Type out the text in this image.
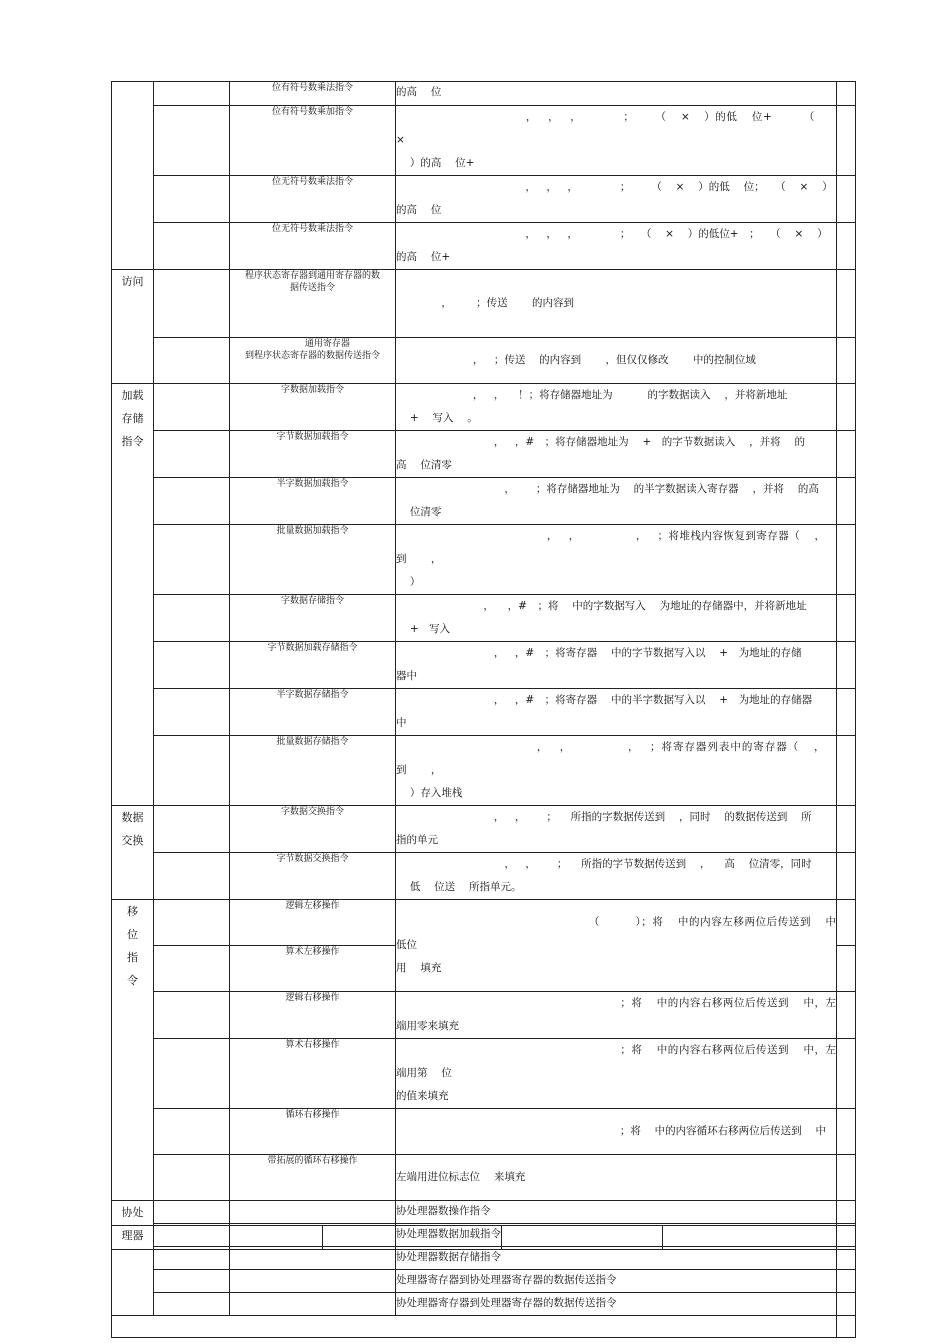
		位有符号数乘法指令	的高  位	

		位有符号数乘加指令	             ， ， ，    ；  （  ×  ）的低  位+   （   ×
  ）的高  位+	

		位无符号数乘法指令	             ， ， ，    ；  （  ×  ）的低  位； （  ×  ）
的高  位	

		位无符号数乘法指令	             ， ， ，    ； （  ×  ）的低位+ ； （  ×  ）
的高  位+	
访问		程序状态寄存器到通用寄存器的数
据传送指令	     ，   ；传送   的内容到	

		    通用寄存器
到程序状态寄存器的数据传送指令	        ， ；传送  的内容到   ，但仅仅修改   中的控制位域	
加载
存储
指令		字数据加载指令	        ， ，  ！；将存储器地址为    的字数据读入  ，并将新地址
  +  写入  。	

		字节数据加载指令	          ， ，# ；将存储器地址为  + 的字节数据读入  ，并将  的
高  位清零	

		半字数据加载指令	           ，  ；将存储器地址为  的半字数据读入寄存器  ，并将  的高
  位清零	

		批量数据加载指令	               ， ，      ， ；将堆栈内容恢复到寄存器（  ，  到   ，
  ）	

		字数据存储指令	         ，  ，# ；将  中的字数据写入  为地址的存储器中，并将新地址
  + 写入	

		字节数据加载存储指令	          ， ，# ；将寄存器  中的字节数据写入以  + 为地址的存储
器中	

		半字数据存储指令	          ， ，# ；将寄存器  中的半字数据写入以  + 为地址的存储器
中	

		批量数据存储指令	              ， ，      ， ；将寄存器列表中的寄存器（  ，  到   ，
  ）存入堆栈	
数据
交换		字数据交换指令	          ， ，  ；  所指的字数据传送到  ，同时  的数据传送到  所
指的单元	

		字节数据交换指令	           ， ，  ；  所指的字节数据传送到  ，  高  位清零，同时
  低  位送  所指单元。	
移
位
指
令		逻辑左移操作	                   （    ）；将  中的内容左移两位后传送到  中 低位
用  填充	

		算术左移操作		

		逻辑右移操作	                      ；将  中的内容右移两位后传送到  中，左端用零来填充	

		算术右移操作	                      ；将  中的内容右移两位后传送到  中，左端用第  位
的值来填充	

		循环右移操作	                      ；将  中的内容循环右移两位后传送到  中	

		带拓展的循环右移操作	左端用进位标志位  来填充	
协处
理器			协处理器数操作指令	
			协处理器数据加载指令	
			协处理器数据存储指令	
			处理器寄存器到协处理器寄存器的数据传送指令	
			协处理器寄存器到处理器寄存器的数据传送指令	
